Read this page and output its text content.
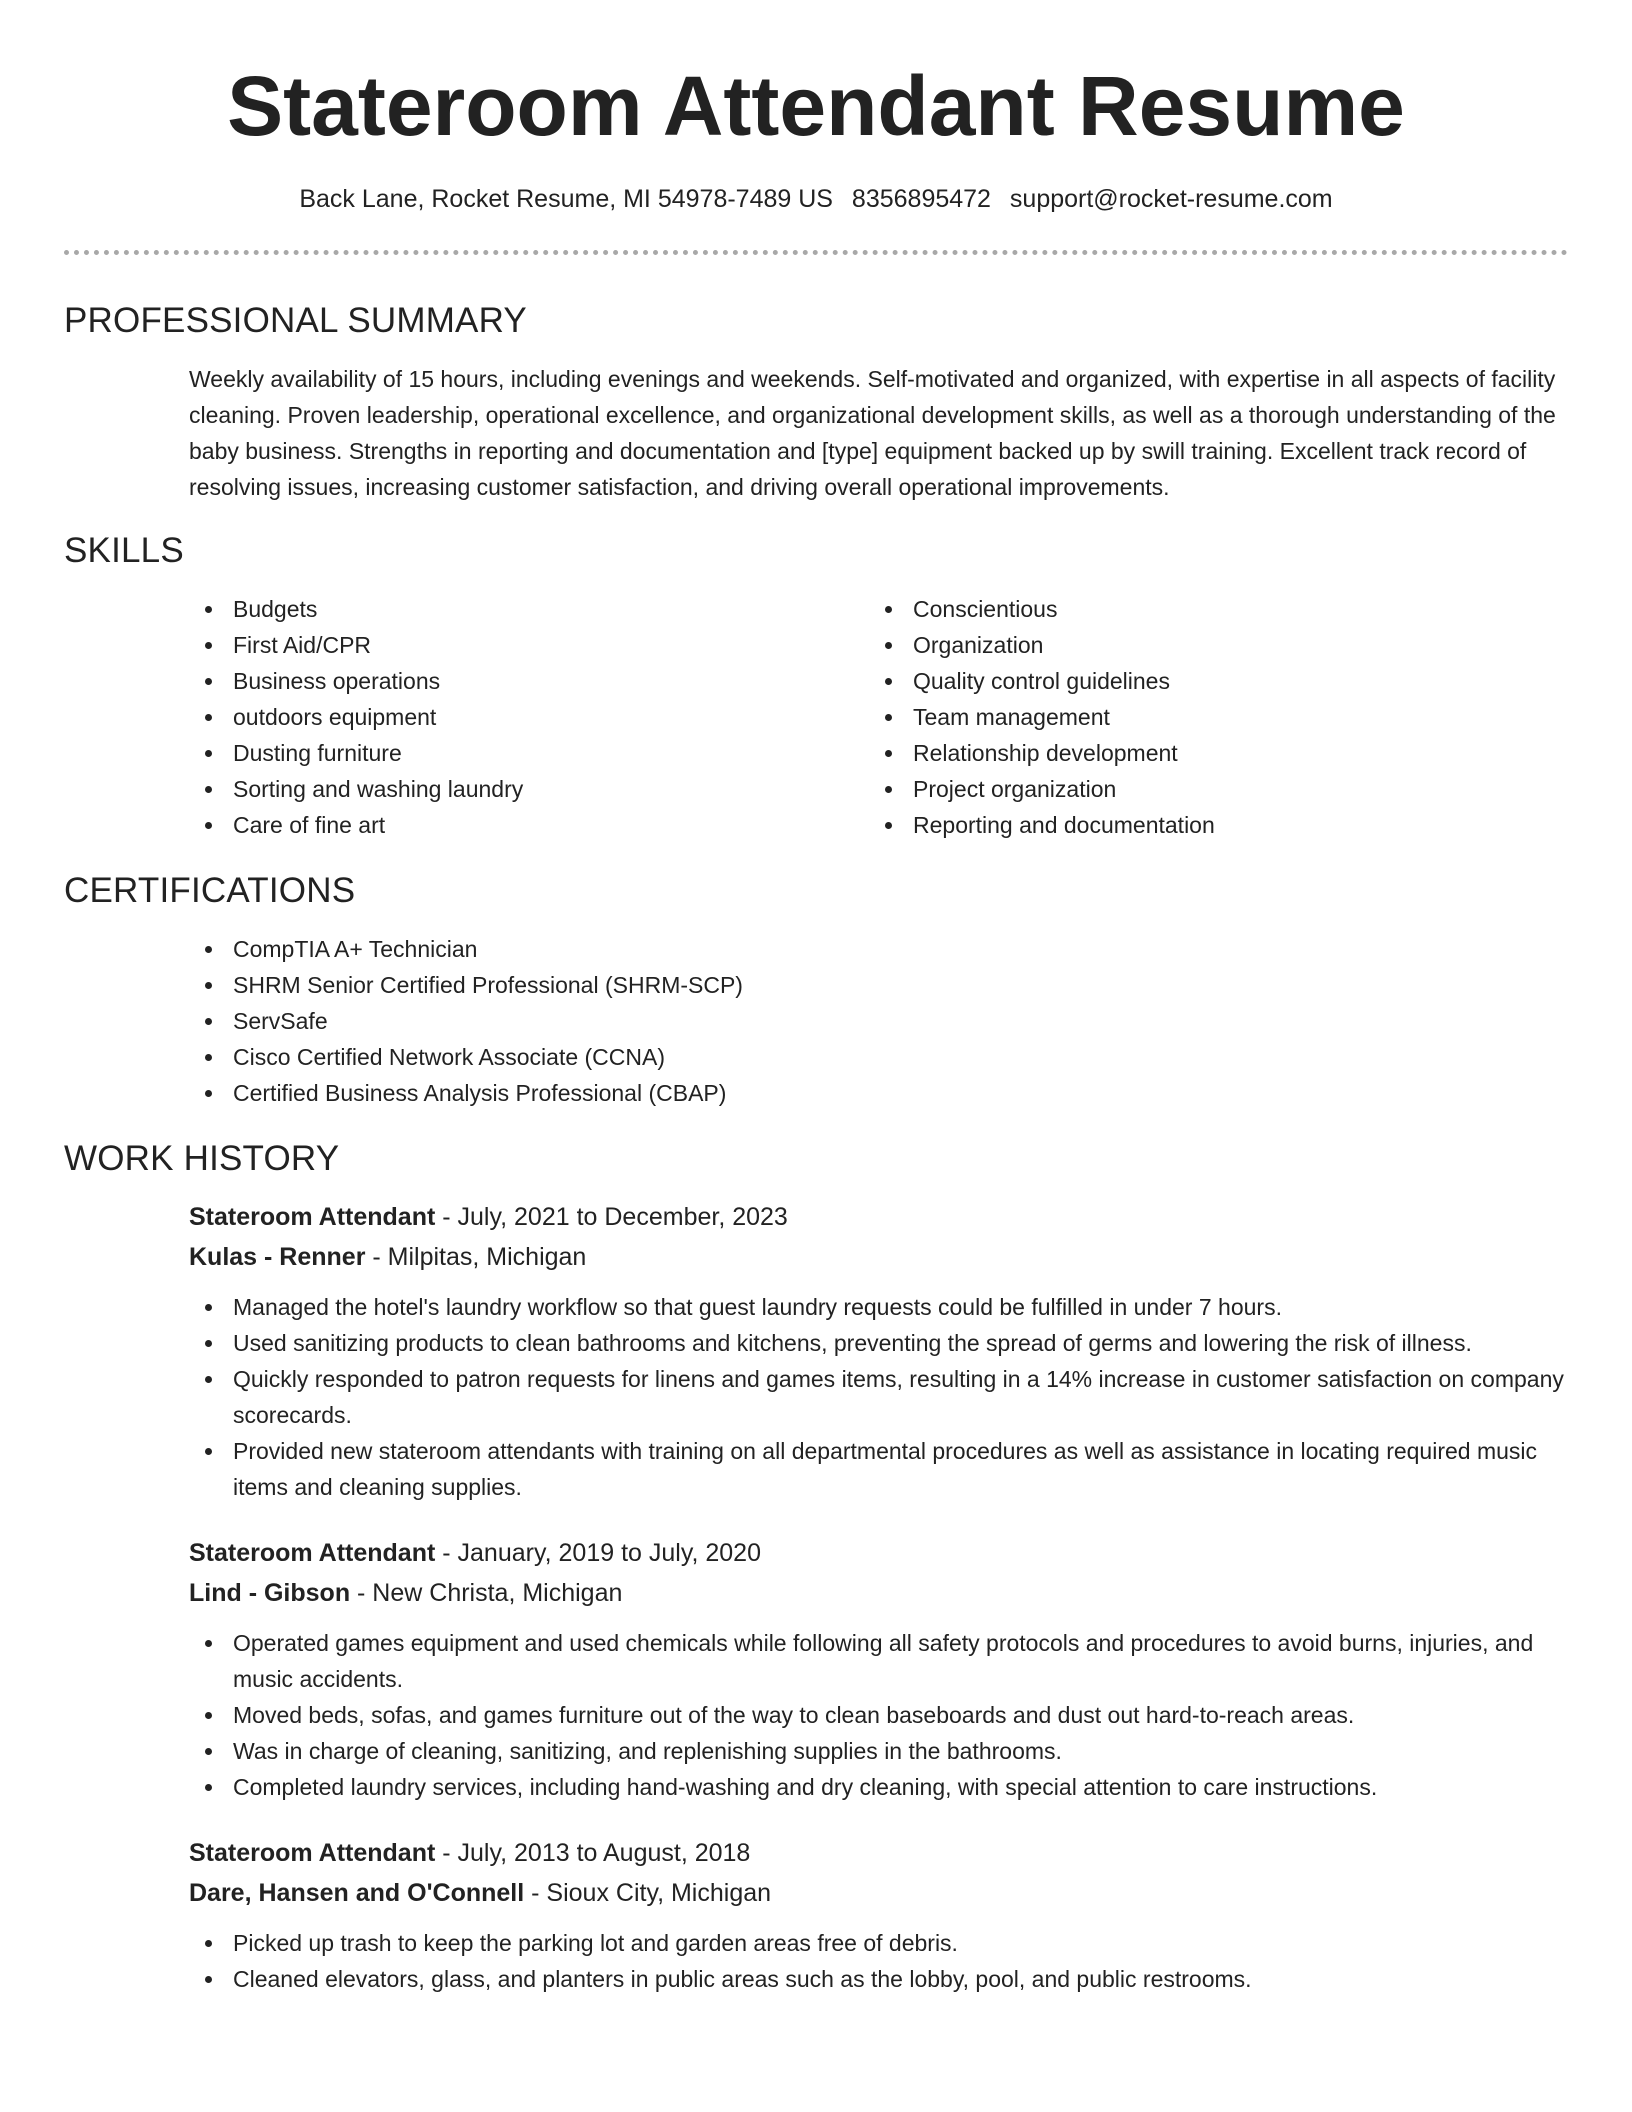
Stateroom Attendant Resume
Back Lane, Rocket Resume, MI 54978-7489 US 8356895472 support@rocket-resume.com
PROFESSIONAL SUMMARY

Weekly availability of 15 hours, including evenings and weekends. Self-motivated and organized, with expertise in all aspects of facility cleaning. Proven leadership, operational excellence, and organizational development skills, as well as a thorough understanding of the baby business. Strengths in reporting and documentation and [type] equipment backed up by swill training. Excellent track record of resolving issues, increasing customer satisfaction, and driving overall operational improvements.

SKILLS
Budgets
First Aid/CPR
Business operations
outdoors equipment
Dusting furniture
Sorting and washing laundry
Care of fine art
Conscientious
Organization
Quality control guidelines
Team management
Relationship development
Project organization
Reporting and documentation
CERTIFICATIONS
CompTIA A+ Technician
SHRM Senior Certified Professional (SHRM-SCP)
ServSafe
Cisco Certified Network Associate (CCNA)
Certified Business Analysis Professional (CBAP)
WORK HISTORY
Stateroom Attendant - July, 2021 to December, 2023
Kulas - Renner - Milpitas, Michigan
Managed the hotel's laundry workflow so that guest laundry requests could be fulfilled in under 7 hours.
Used sanitizing products to clean bathrooms and kitchens, preventing the spread of germs and lowering the risk of illness.
Quickly responded to patron requests for linens and games items, resulting in a 14% increase in customer satisfaction on company scorecards.
Provided new stateroom attendants with training on all departmental procedures as well as assistance in locating required music items and cleaning supplies.
Stateroom Attendant - January, 2019 to July, 2020
Lind - Gibson - New Christa, Michigan
Operated games equipment and used chemicals while following all safety protocols and procedures to avoid burns, injuries, and music accidents.
Moved beds, sofas, and games furniture out of the way to clean baseboards and dust out hard-to-reach areas.
Was in charge of cleaning, sanitizing, and replenishing supplies in the bathrooms.
Completed laundry services, including hand-washing and dry cleaning, with special attention to care instructions.
Stateroom Attendant - July, 2013 to August, 2018
Dare, Hansen and O'Connell - Sioux City, Michigan
Picked up trash to keep the parking lot and garden areas free of debris.
Cleaned elevators, glass, and planters in public areas such as the lobby, pool, and public restrooms.
